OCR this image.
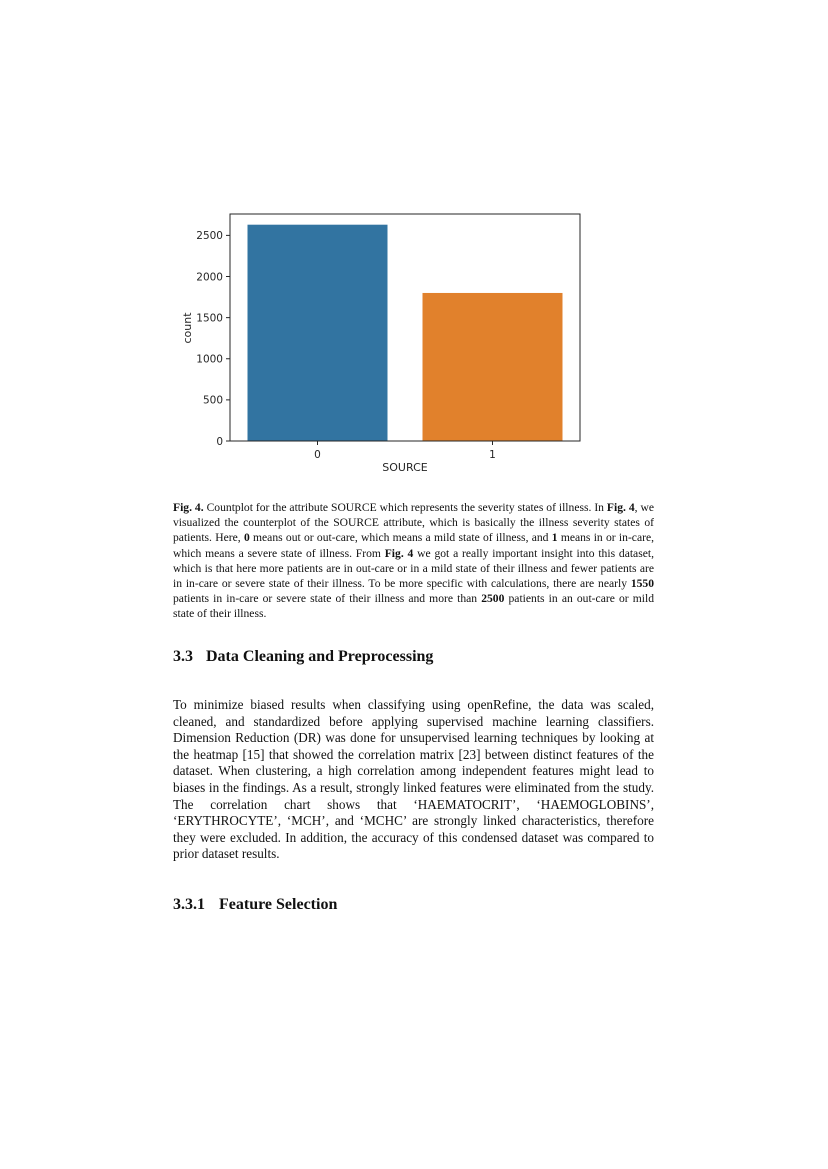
0
500
1000
1500
2000
2500
0	1
count
SOURCE

Fig. 4. Countplot for the attribute SOURCE which represents the severity states of illness. In Fig. 4, we visualized the counterplot of the SOURCE attribute, which is basically the illness severity states of patients. Here, 0 means out or out-care, which means a mild state of illness, and 1 means in or in-care, which means a severe state of illness. From Fig. 4 we got a really important insight into this dataset, which is that here more patients are in out-care or in a mild state of their illness and fewer patients are in in-care or severe state of their illness. To be more specific with calculations, there are nearly 1550 patients in in-care or severe state of their illness and more than 2500 patients in an out-care or mild state of their illness.

3.3 Data Cleaning and Preprocessing

To minimize biased results when classifying using openRefine, the data was scaled, cleaned, and standardized before applying supervised machine learning classifiers. Dimension Reduction (DR) was done for unsupervised learning techniques by looking at the heatmap [15] that showed the correlation matrix [23] between distinct features of the dataset. When clustering, a high correlation among independent features might lead to biases in the findings. As a result, strongly linked features were eliminated from the study. The correlation chart shows that ‘HAEMATOCRIT’, ‘HAEMOGLOBINS’, ‘ERYTHROCYTE’, ‘MCH’, and ‘MCHC’ are strongly linked characteristics, therefore they were excluded. In addition, the accuracy of this condensed dataset was compared to prior dataset results.

3.3.1 Feature Selection
